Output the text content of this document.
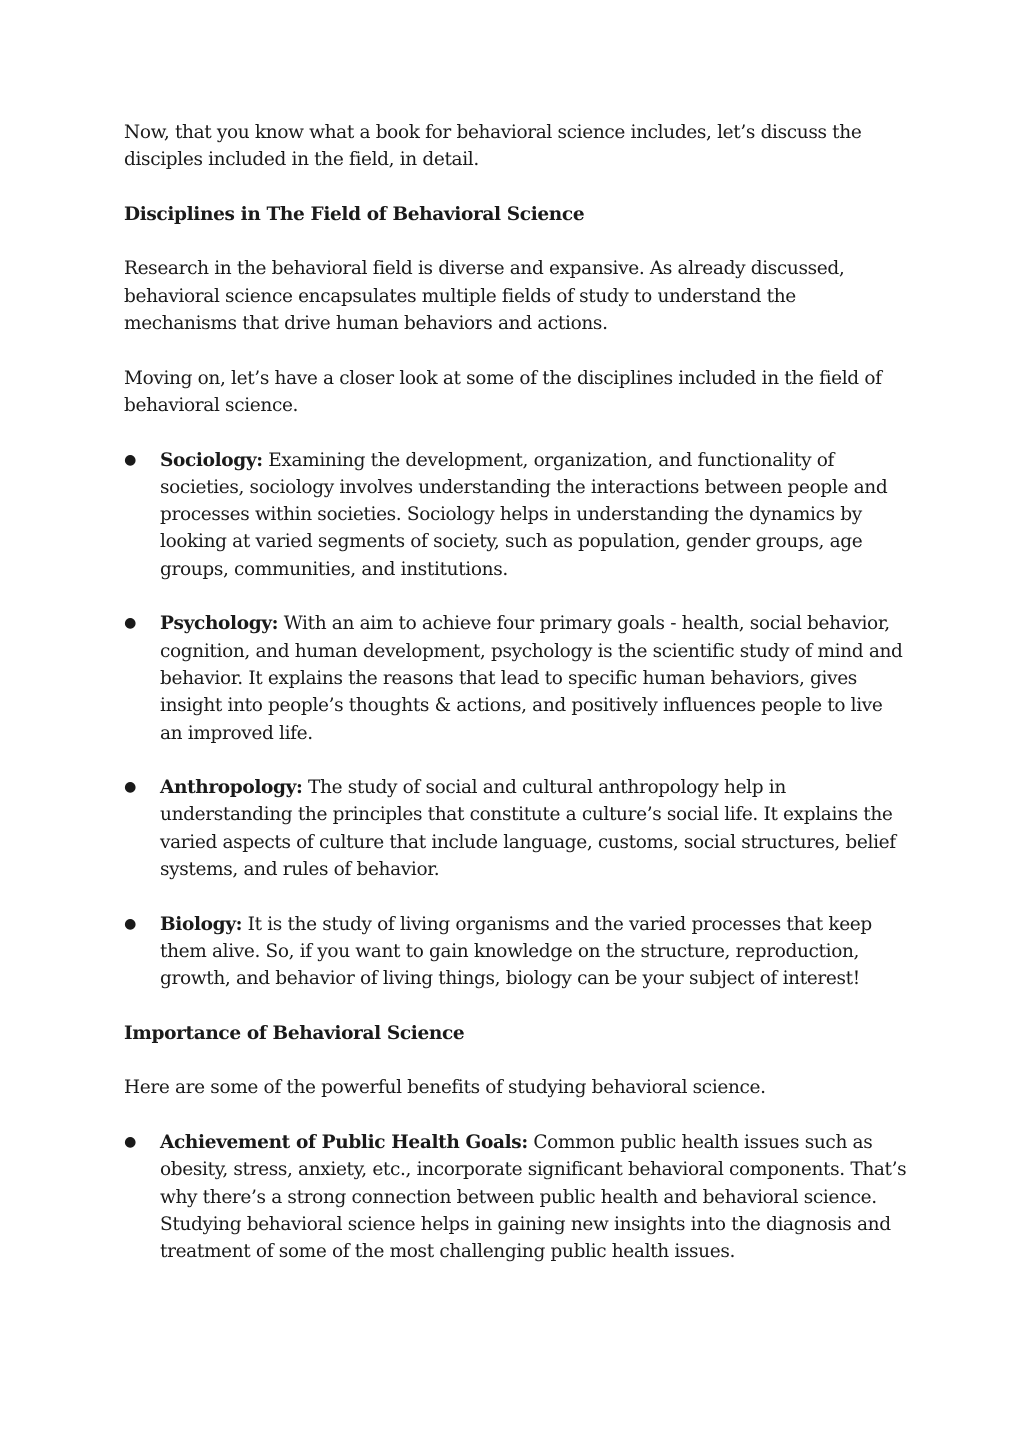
Now, that you know what a book for behavioral science includes, let’s discuss the disciples included in the field, in detail.

Disciplines in The Field of Behavioral Science

Research in the behavioral field is diverse and expansive. As already discussed, behavioral science encapsulates multiple fields of study to understand the mechanisms that drive human behaviors and actions.

Moving on, let’s have a closer look at some of the disciplines included in the field of behavioral science.

● Sociology: Examining the development, organization, and functionality of societies, sociology involves understanding the interactions between people and processes within societies. Sociology helps in understanding the dynamics by looking at varied segments of society, such as population, gender groups, age groups, communities, and institutions.
● Psychology: With an aim to achieve four primary goals - health, social behavior, cognition, and human development, psychology is the scientific study of mind and behavior. It explains the reasons that lead to specific human behaviors, gives insight into people’s thoughts & actions, and positively influences people to live an improved life.
● Anthropology: The study of social and cultural anthropology help in understanding the principles that constitute a culture’s social life. It explains the varied aspects of culture that include language, customs, social structures, belief systems, and rules of behavior.
● Biology: It is the study of living organisms and the varied processes that keep them alive. So, if you want to gain knowledge on the structure, reproduction, growth, and behavior of living things, biology can be your subject of interest!
Importance of Behavioral Science

Here are some of the powerful benefits of studying behavioral science.

● Achievement of Public Health Goals: Common public health issues such as obesity, stress, anxiety, etc., incorporate significant behavioral components. That’s why there’s a strong connection between public health and behavioral science. Studying behavioral science helps in gaining new insights into the diagnosis and treatment of some of the most challenging public health issues.
